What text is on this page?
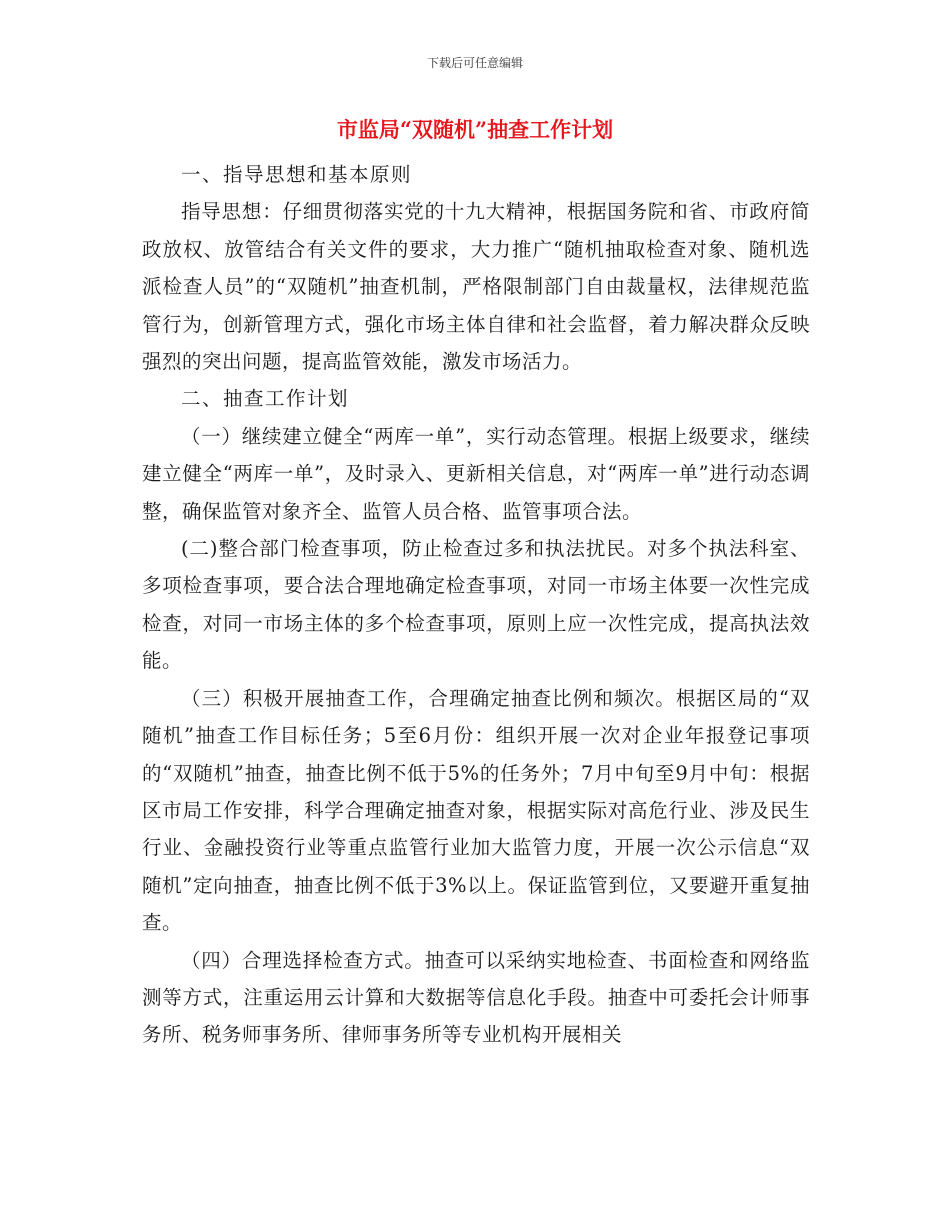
下载后可任意编辑
市监局“双随机”抽查工作计划

一、指导思想和基本原则

指导思想：仔细贯彻落实党的十九大精神，根据国务院和省、市政府简政放权、放管结合有关文件的要求，大力推广“随机抽取检查对象、随机选派检查人员”的“双随机”抽查机制，严格限制部门自由裁量权，法律规范监管行为，创新管理方式，强化市场主体自律和社会监督，着力解决群众反映强烈的突出问题，提高监管效能，激发市场活力。

二、抽查工作计划

（一）继续建立健全“两库一单”，实行动态管理。根据上级要求，继续建立健全“两库一单”，及时录入、更新相关信息，对“两库一单”进行动态调整，确保监管对象齐全、监管人员合格、监管事项合法。

(二)整合部门检查事项，防止检查过多和执法扰民。对多个执法科室、多项检查事项，要合法合理地确定检查事项，对同一市场主体要一次性完成检查，对同一市场主体的多个检查事项，原则上应一次性完成，提高执法效能。

（三）积极开展抽查工作，合理确定抽查比例和频次。根据区局的“双随机”抽查工作目标任务；5至6月份：组织开展一次对企业年报登记事项的“双随机”抽查，抽查比例不低于5%的任务外；7月中旬至9月中旬：根据区市局工作安排，科学合理确定抽查对象，根据实际对高危行业、涉及民生行业、金融投资行业等重点监管行业加大监管力度，开展一次公示信息“双随机”定向抽查，抽查比例不低于3%以上。保证监管到位，又要避开重复抽查。

（四）合理选择检查方式。抽查可以采纳实地检查、书面检查和网络监测等方式，注重运用云计算和大数据等信息化手段。抽查中可委托会计师事务所、税务师事务所、律师事务所等专业机构开展相关
